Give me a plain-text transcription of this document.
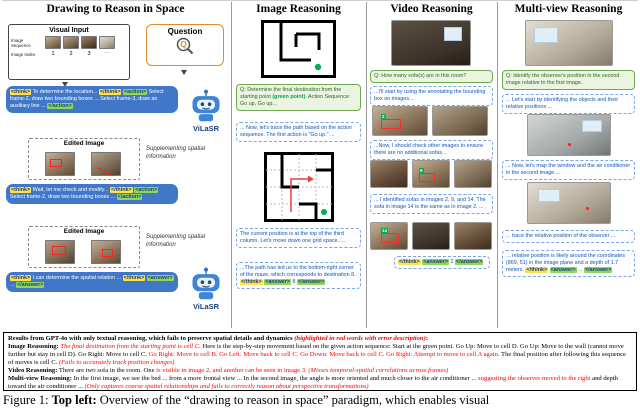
Drawing to Reason in Space
Visual Input
Image Sequence
Image Index	1	2	3	⋯
Question
Q
<think> To determine the location... </think> <action> Select frame-2, draw two bounding boxes ... Select frame-3, draw an auxiliary line ... </action>
ViLaSR
Edited Image
Supplementing spatial information
<think> Wait, let me check and modify... </think> <action> Select frame-2, draw two bounding boxes ... </action>
Edited Image
Supplementing spatial information
<think> I can determine the spatial relation ... </think> <answer> ... </answer>
ViLaSR
Image Reasoning
Q: Determine the final destination from the starting point (green point). Action Sequence: Go up, Go up...
... Now, let's trace the path based on the action sequence. The first action is "Go up." ...
The current position is at the top of the third column. Let's move down one grid space.....
...The path has led us to the bottom-right corner of the maze, which corresponds to destination 8. </think> <answer> 8 </answer>
Video Reasoning
Q: How many sofa(s) are in this room?
...I'll start by using the annotating the bounding box on images...
2
...Now, I should check other images to ensure there are no additional sofas...
9
... I identified sofas in images 2, 9, and 14. The sofa in image 14 is the same as in image 2. ...
14
</think> <answer> 2 </answer>
Multi-view Reasoning
Q: Identify the observer's position in the second image relative to the first image.
... Let's start by identifying the objects and their relative positions ...
... Now, let's map the window and the air conditioner in the second image ...
... trace the relative position of the observer ...
... relative position is likely around the coordinates (869, 51) in the image plane and a depth of 1.7 meters. </think> <answer> ... </answer>
Results from GPT-4o with only textual reasoning, which fails to preserve spatial details and dynamics (highlighted in red words with error description):
Image Reasoning: The final destination from the starting point is cell C. Here is the step-by-step movement based on the given action sequence: Start at the green point. Go Up: Move to cell D. Go Up: Move to the wall (cannot move further but stay in cell D). Go Right: Move to cell C. Go Right: Move to cell B. Go Left: Move back to cell C. Go Down: Move back to cell C. Go Right: Attempt to move to cell A again. The final position after following this sequence of moves is cell C. (Fails to accurately track position changes)
Video Reasoning: There are two sofa in the room. One is visible in image 2, and another can be seen in image 3. (Misses temporal-spatial correlations across frames)
Multi-view Reasoning: In the first image, we see the bed ... from a more frontal view ... In the second image, the angle is more oriented and much closer to the air conditioner ... suggesting the observer moved to the right and depth toward the air conditioner ... (Only captures coarse spatial relationships and fails to correctly reason about perspective transformations)
Figure 1: Top left: Overview of the “drawing to reason in space” paradigm, which enables visual
